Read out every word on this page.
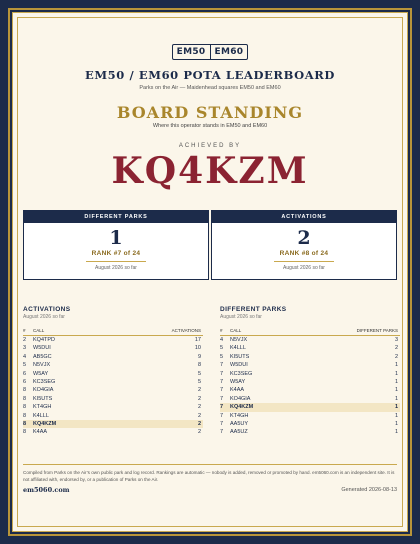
EM50	EM60
EM50 / EM60 POTA LEADERBOARD
Parks on the Air — Maidenhead squares EM50 and EM60
BOARD STANDING
Where this operator stands in EM50 and EM60
ACHIEVED BY
KQ4KZM
DIFFERENT PARKS
1
RANK #7 of 24
August 2026 so far
ACTIVATIONS
2
RANK #8 of 24
August 2026 so far
ACTIVATIONS
August 2026 so far
#	CALL	ACTIVATIONS
2	KQ4TPD	17
3	W5DUI	10
4	AB5GC	9
5	N5VJX	8
6	W5AY	5
6	KC3SEG	5
8	KO4GIA	2
8	KI5UTS	2
8	KT4GH	2
8	K4LLL	2
8	KQ4KZM	2
8	K4AA	2
DIFFERENT PARKS
August 2026 so far
#	CALL	DIFFERENT PARKS
4	N5VJX	3
5	K4LLL	2
5	KI5UTS	2
7	W5DUI	1
7	KC3SEG	1
7	W5AY	1
7	K4AA	1
7	KO4GIA	1
7	KQ4KZM	1
7	KT4GH	1
7	AA5UY	1
7	AA5UZ	1
Compiled from Parks on the Air’s own public park and log record. Rankings are automatic — nobody is added, removed or promoted by hand. em5060.com is an independent site. It is not affiliated with, endorsed by, or a publication of Parks on the Air.
em5060.com	Generated 2026-08-13
